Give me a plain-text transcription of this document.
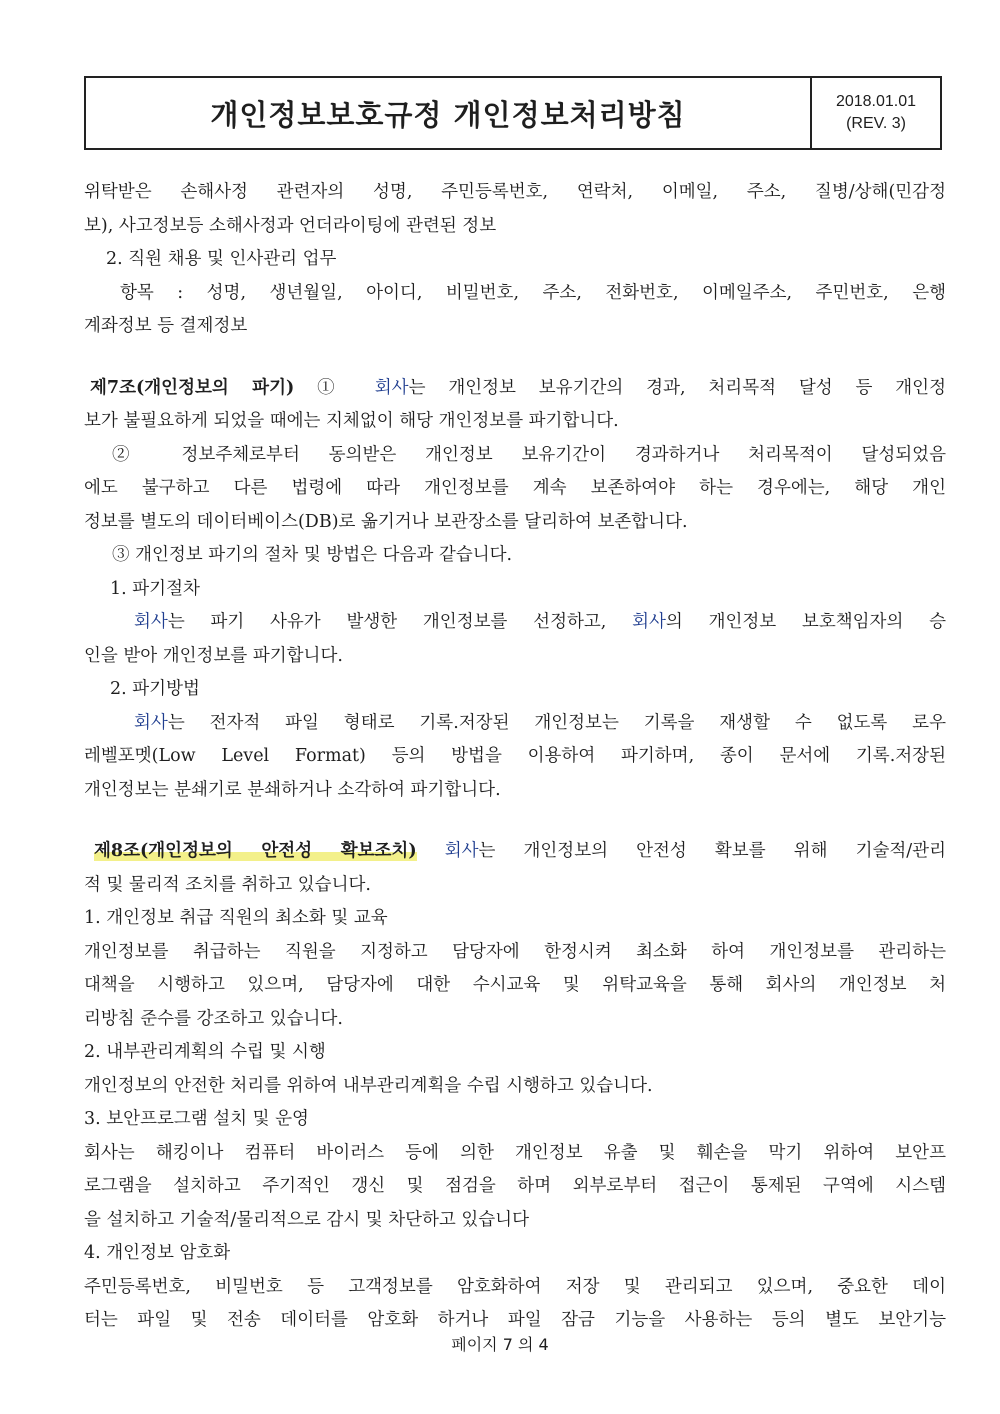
개인정보보호규정 개인정보처리방침	2018.01.01
(REV. 3)
위탁받은 손해사정 관련자의 성명, 주민등록번호, 연락처, 이메일, 주소, 질병/상해(민감정
보), 사고정보등 소해사정과 언더라이팅에 관련된 정보
2. 직원 채용 및 인사관리 업무
항목 : 성명, 생년월일, 아이디, 비밀번호, 주소, 전화번호, 이메일주소, 주민번호, 은행
계좌정보 등 결제정보
제7조(개인정보의 파기) ① 회사는 개인정보 보유기간의 경과, 처리목적 달성 등 개인정
보가 불필요하게 되었을 때에는 지체없이 해당 개인정보를 파기합니다.
② 정보주체로부터 동의받은 개인정보 보유기간이 경과하거나 처리목적이 달성되었음
에도 불구하고 다른 법령에 따라 개인정보를 계속 보존하여야 하는 경우에는, 해당 개인
정보를 별도의 데이터베이스(DB)로 옮기거나 보관장소를 달리하여 보존합니다.
③ 개인정보 파기의 절차 및 방법은 다음과 같습니다.
1. 파기절차
회사는 파기 사유가 발생한 개인정보를 선정하고, 회사의 개인정보 보호책임자의 승
인을 받아 개인정보를 파기합니다.
2. 파기방법
회사는 전자적 파일 형태로 기록.저장된 개인정보는 기록을 재생할 수 없도록 로우
레벨포멧(Low Level Format) 등의 방법을 이용하여 파기하며, 종이 문서에 기록.저장된
개인정보는 분쇄기로 분쇄하거나 소각하여 파기합니다.
제8조(개인정보의 안전성 확보조치) 회사는 개인정보의 안전성 확보를 위해 기술적/관리
적 및 물리적 조치를 취하고 있습니다.
1. 개인정보 취급 직원의 최소화 및 교육
개인정보를 취급하는 직원을 지정하고 담당자에 한정시켜 최소화 하여 개인정보를 관리하는
대책을 시행하고 있으며, 담당자에 대한 수시교육 및 위탁교육을 통해 회사의 개인정보 처
리방침 준수를 강조하고 있습니다.
2. 내부관리계획의 수립 및 시행
개인정보의 안전한 처리를 위하여 내부관리계획을 수립 시행하고 있습니다.
3. 보안프로그램 설치 및 운영
회사는 해킹이나 컴퓨터 바이러스 등에 의한 개인정보 유출 및 훼손을 막기 위하여 보안프
로그램을 설치하고 주기적인 갱신 및 점검을 하며 외부로부터 접근이 통제된 구역에 시스템
을 설치하고 기술적/물리적으로 감시 및 차단하고 있습니다
4. 개인정보 암호화
주민등록번호, 비밀번호 등 고객정보를 암호화하여 저장 및 관리되고 있으며, 중요한 데이
터는 파일 및 전송 데이터를 암호화 하거나 파일 잠금 기능을 사용하는 등의 별도 보안기능
페이지 7 의 4
